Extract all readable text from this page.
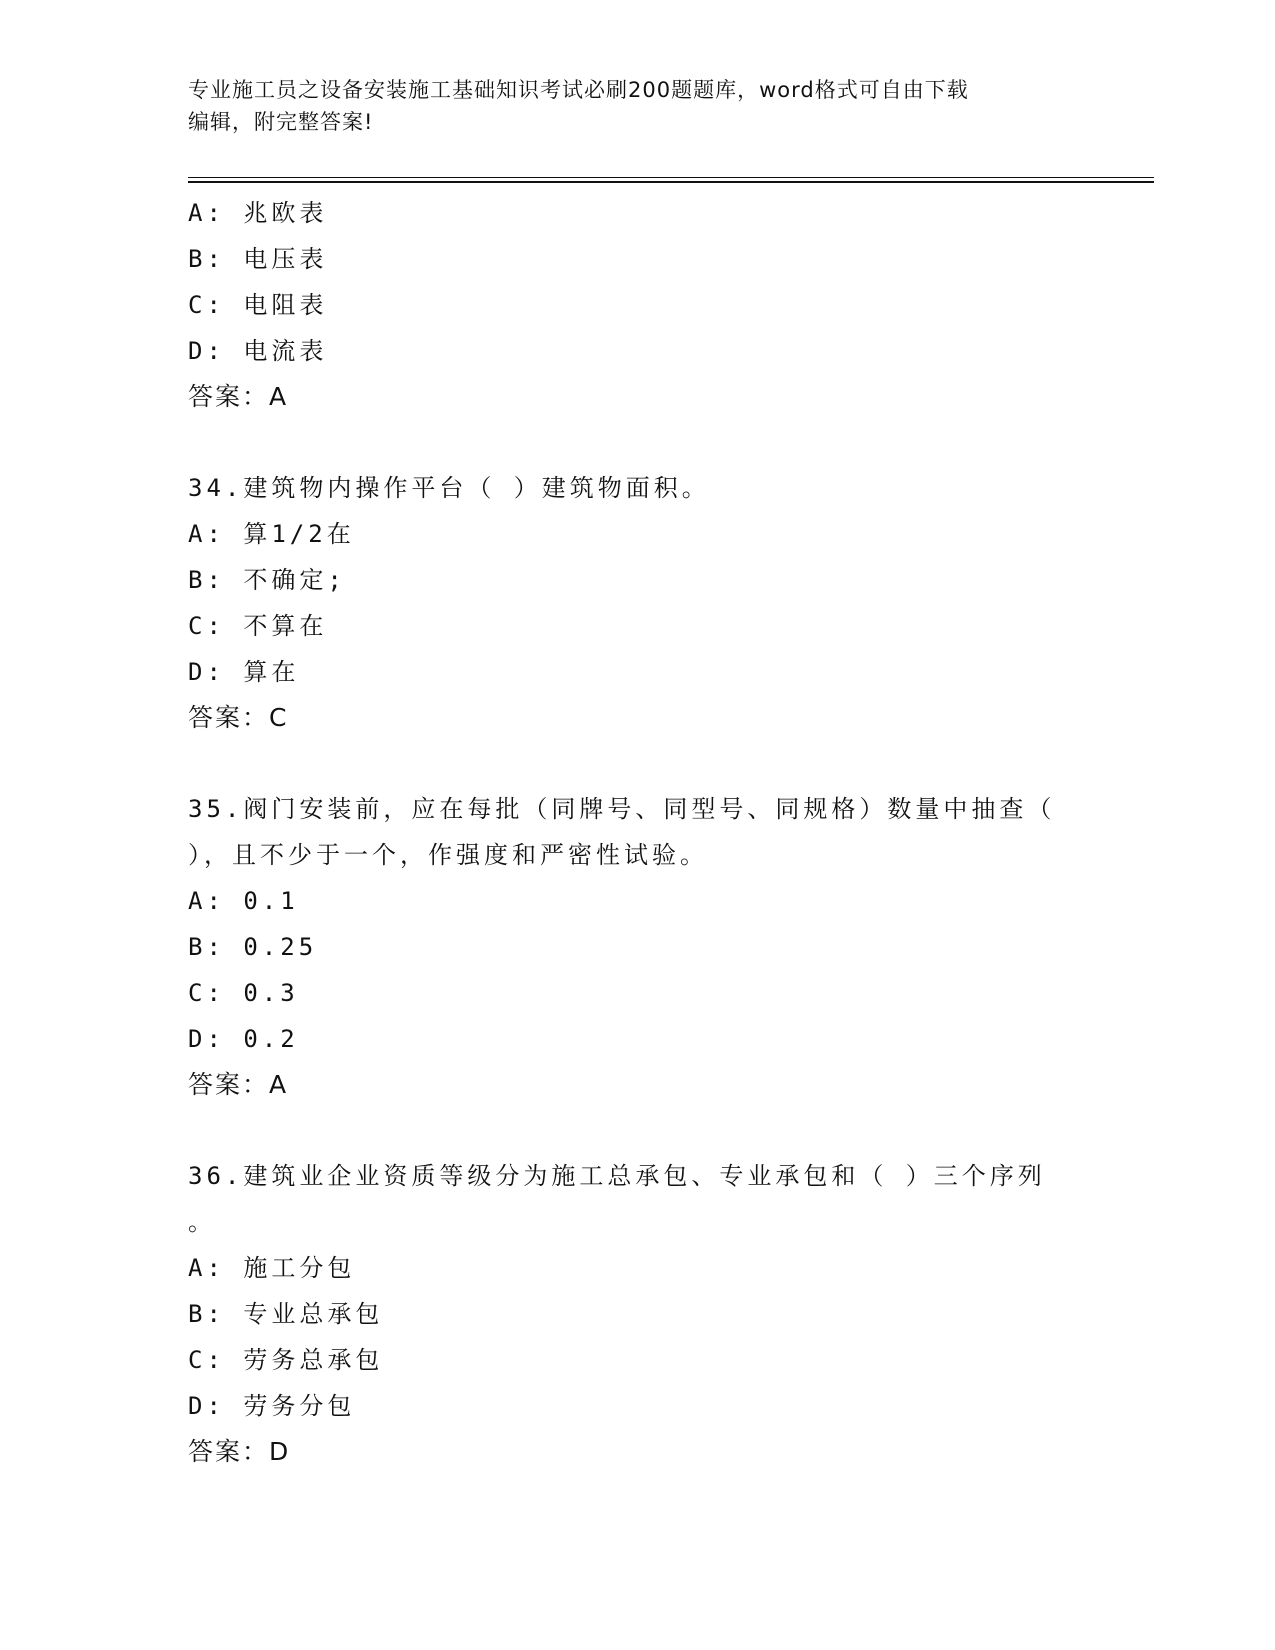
专业施工员之设备安装施工基础知识考试必刷200题题库，word格式可自由下载
编辑，附完整答案!
A: 兆欧表
B: 电压表
C: 电阻表
D: 电流表
答案：A
34.建筑物内操作平台（ ）建筑物面积。
A: 算1/2在
B: 不确定;
C: 不算在
D: 算在
答案：C
35.阀门安装前，应在每批（同牌号、同型号、同规格）数量中抽查（
），且不少于一个，作强度和严密性试验。
A: 0.1
B: 0.25
C: 0.3
D: 0.2
答案：A
36.建筑业企业资质等级分为施工总承包、专业承包和（ ）三个序列
。
A: 施工分包
B: 专业总承包
C: 劳务总承包
D: 劳务分包
答案：D
